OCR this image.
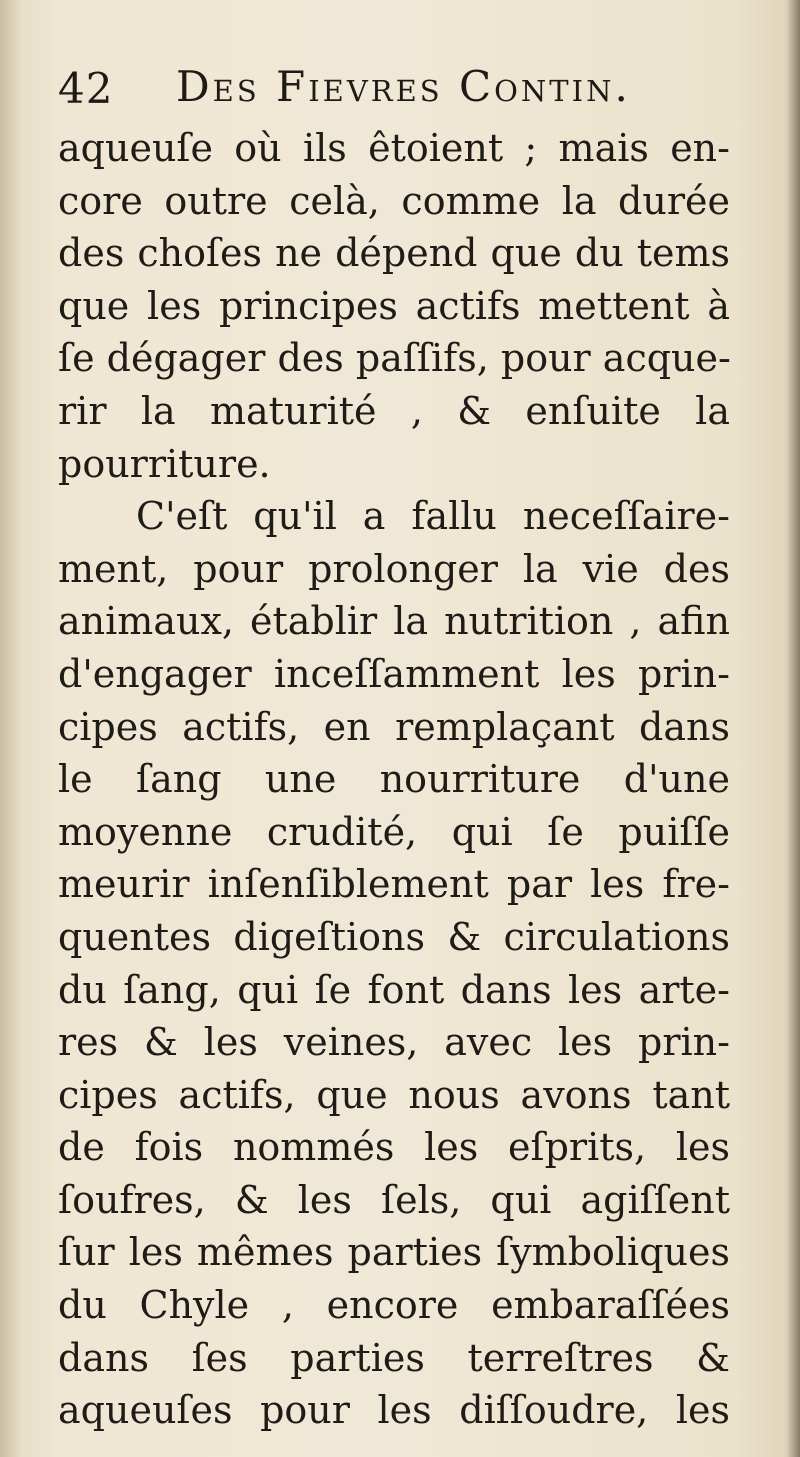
42 Des Fievres Contin.
aqueuſe où ils êtoient ; mais en-
core outre celà, comme la durée
des choſes ne dépend que du tems
que les principes actifs mettent à
ſe dégager des paſſifs, pour acque-
rir la maturité , & enſuite la
pourriture.
C'eſt qu'il a fallu neceſſaire-
ment, pour prolonger la vie des
animaux, établir la nutrition , afin
d'engager inceſſamment les prin-
cipes actifs, en remplaçant dans
le ſang une nourriture d'une
moyenne crudité, qui ſe puiſſe
meurir inſenſiblement par les fre-
quentes digeſtions & circulations
du ſang, qui ſe font dans les arte-
res & les veines, avec les prin-
cipes actifs, que nous avons tant
de fois nommés les eſprits, les
ſoufres, & les ſels, qui agiſſent
ſur les mêmes parties ſymboliques
du Chyle , encore embaraſſées
dans ſes parties terreſtres &
aqueuſes pour les diſſoudre, les
